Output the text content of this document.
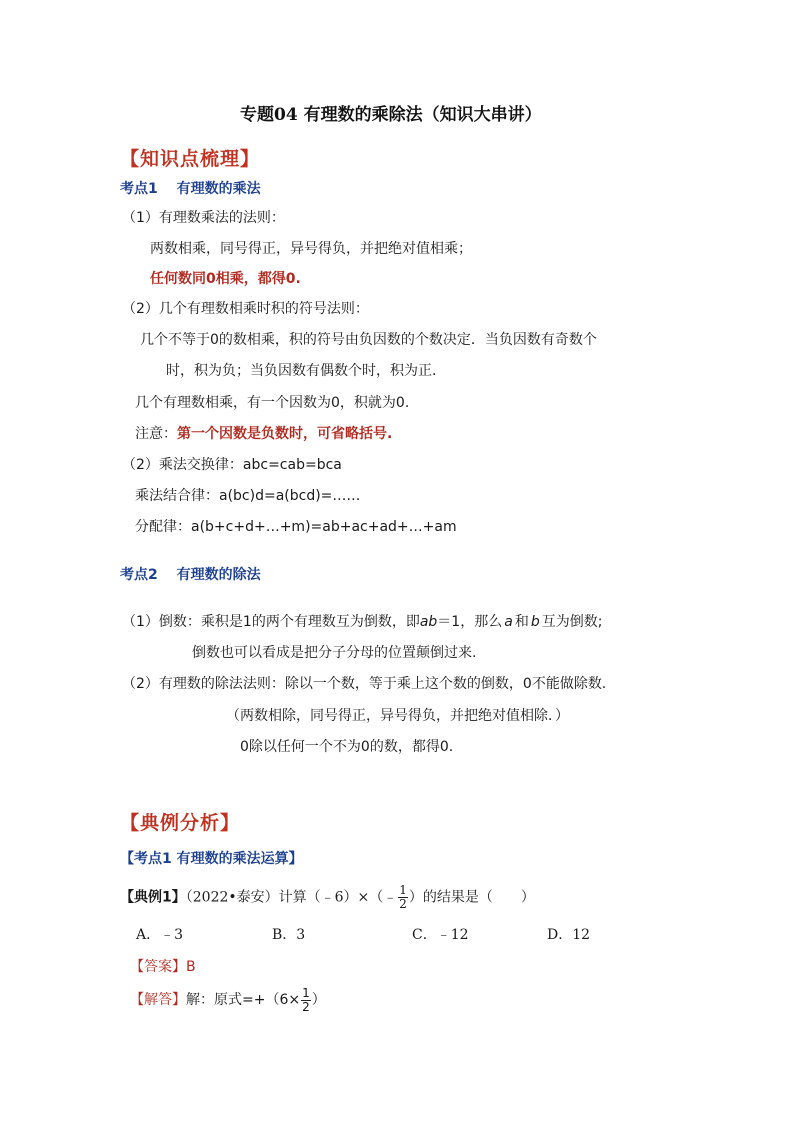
专题04 有理数的乘除法（知识大串讲）
【知识点梳理】
考点1 有理数的乘法
（1）有理数乘法的法则：
两数相乘，同号得正，异号得负，并把绝对值相乘；
任何数同0相乘，都得0.
（2）几个有理数相乘时积的符号法则：
几个不等于0的数相乘，积的符号由负因数的个数决定．当负因数有奇数个
时，积为负；当负因数有偶数个时，积为正.
几个有理数相乘，有一个因数为0，积就为0.
注意：第一个因数是负数时，可省略括号.
（2）乘法交换律：abc=cab=bca
乘法结合律：a(bc)d=a(bcd)=……
分配律：a(b+c+d+…+m)=ab+ac+ad+…+am
考点2 有理数的除法
（1）倒数：乘积是1的两个有理数互为倒数，即ab＝1，那么 a 和 b 互为倒数;
倒数也可以看成是把分子分母的位置颠倒过来.
（2）有理数的除法法则：除以一个数，等于乘上这个数的倒数，0不能做除数.
（两数相除，同号得正，异号得负，并把绝对值相除．）
0除以任何一个不为0的数，都得0.
【典例分析】
【考点1 有理数的乘法运算】
【典例1】（2022•泰安）计算（﹣6）×（﹣ $\frac{1}{2}$ ）的结果是（　　）
A．﹣3	B．3	C．﹣12	D．12
【答案】B
【解答】解：原式$=+(6\times \frac{1}{2}$ ）
